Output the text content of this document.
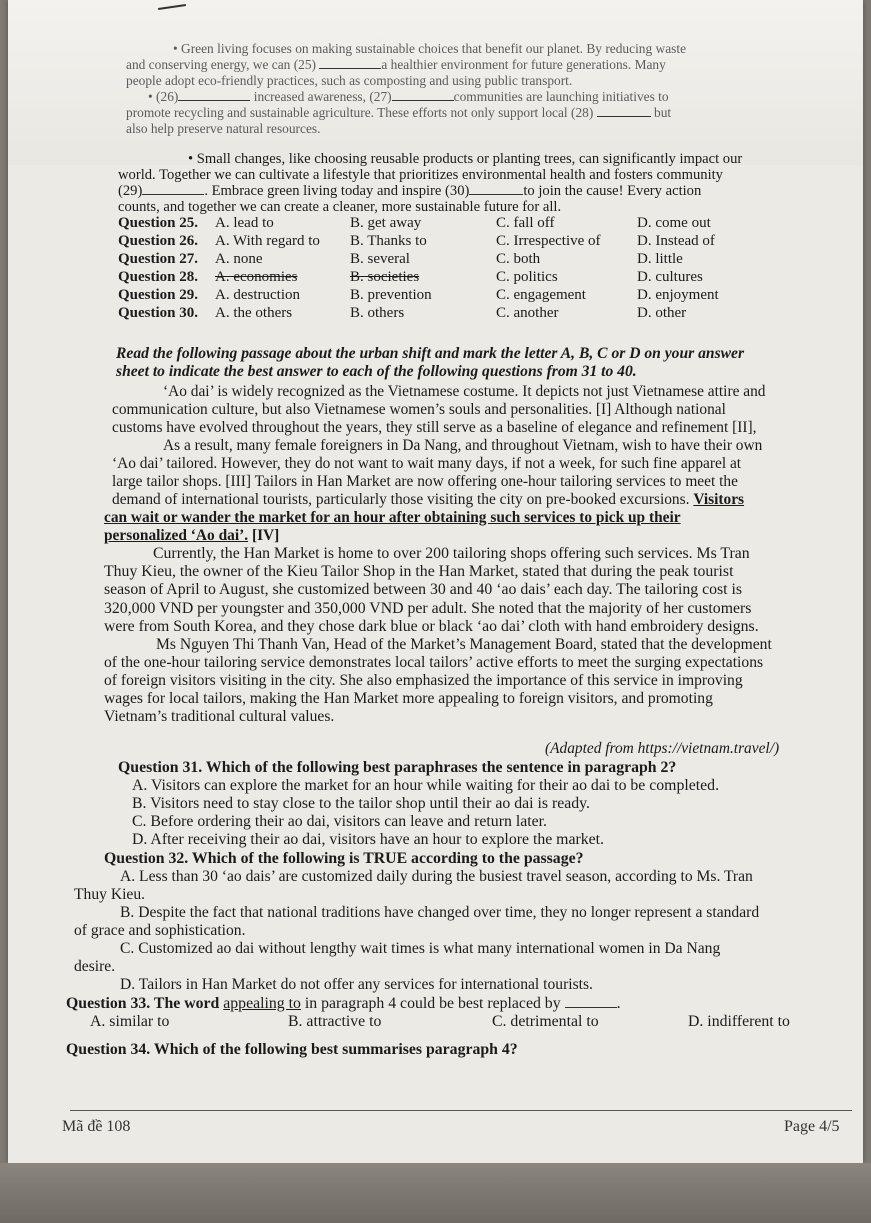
• Green living focuses on making sustainable choices that benefit our planet. By reducing waste
and conserving energy, we can (25)	a healthier environment for future generations. Many
people adopt eco-friendly practices, such as composting and using public transport.
• (26)	increased awareness, (27)	communities are launching initiatives to
promote recycling and sustainable agriculture. These efforts not only support local (28)	but
also help preserve natural resources.
• Small changes, like choosing reusable products or planting trees, can significantly impact our
world. Together we can cultivate a lifestyle that prioritizes environmental health and fosters community
(29)	. Embrace green living today and inspire (30)	to join the cause! Every action
counts, and together we can create a cleaner, more sustainable future for all.
Question 25. A. lead to	B. get away	C. fall off	D. come out
Question 26. A. With regard to B. Thanks to	C. Irrespective of D. Instead of
Question 27. A. none	B. several	C. both	D. little
Question 28. A. economies	B. societies	C. politics	D. cultures
Question 29. A. destruction	B. prevention	C. engagement	D. enjoyment
Question 30. A. the others	B. others	C. another	D. other
Read the following passage about the urban shift and mark the letter A, B, C or D on your answer
sheet to indicate the best answer to each of the following questions from 31 to 40.
‘Ao dai’ is widely recognized as the Vietnamese costume. It depicts not just Vietnamese attire and
communication culture, but also Vietnamese women’s souls and personalities. [I] Although national
customs have evolved throughout the years, they still serve as a baseline of elegance and refinement [II],
As a result, many female foreigners in Da Nang, and throughout Vietnam, wish to have their own
‘Ao dai’ tailored. However, they do not want to wait many days, if not a week, for such fine apparel at
large tailor shops. [III] Tailors in Han Market are now offering one-hour tailoring services to meet the
demand of international tourists, particularly those visiting the city on pre-booked excursions. Visitors
can wait or wander the market for an hour after obtaining such services to pick up their
personalized ‘Ao dai’. [IV]
Currently, the Han Market is home to over 200 tailoring shops offering such services. Ms Tran
Thuy Kieu, the owner of the Kieu Tailor Shop in the Han Market, stated that during the peak tourist
season of April to August, she customized between 30 and 40 ‘ao dais’ each day. The tailoring cost is
320,000 VND per youngster and 350,000 VND per adult. She noted that the majority of her customers
were from South Korea, and they chose dark blue or black ‘ao dai’ cloth with hand embroidery designs.
Ms Nguyen Thi Thanh Van, Head of the Market’s Management Board, stated that the development
of the one-hour tailoring service demonstrates local tailors’ active efforts to meet the surging expectations
of foreign visitors visiting in the city. She also emphasized the importance of this service in improving
wages for local tailors, making the Han Market more appealing to foreign visitors, and promoting
Vietnam’s traditional cultural values.
(Adapted from https://vietnam.travel/)
Question 31. Which of the following best paraphrases the sentence in paragraph 2?
A. Visitors can explore the market for an hour while waiting for their ao dai to be completed.
B. Visitors need to stay close to the tailor shop until their ao dai is ready.
C. Before ordering their ao dai, visitors can leave and return later.
D. After receiving their ao dai, visitors have an hour to explore the market.
Question 32. Which of the following is TRUE according to the passage?
A. Less than 30 ‘ao dais’ are customized daily during the busiest travel season, according to Ms. Tran
Thuy Kieu.
B. Despite the fact that national traditions have changed over time, they no longer represent a standard
of grace and sophistication.
C. Customized ao dai without lengthy wait times is what many international women in Da Nang
desire.
D. Tailors in Han Market do not offer any services for international tourists.
Question 33. The word appealing to in paragraph 4 could be best replaced by	.
A. similar to	B. attractive to	C. detrimental to	D. indifferent to
Question 34. Which of the following best summarises paragraph 4?
Mã đề 108	Page 4/5
